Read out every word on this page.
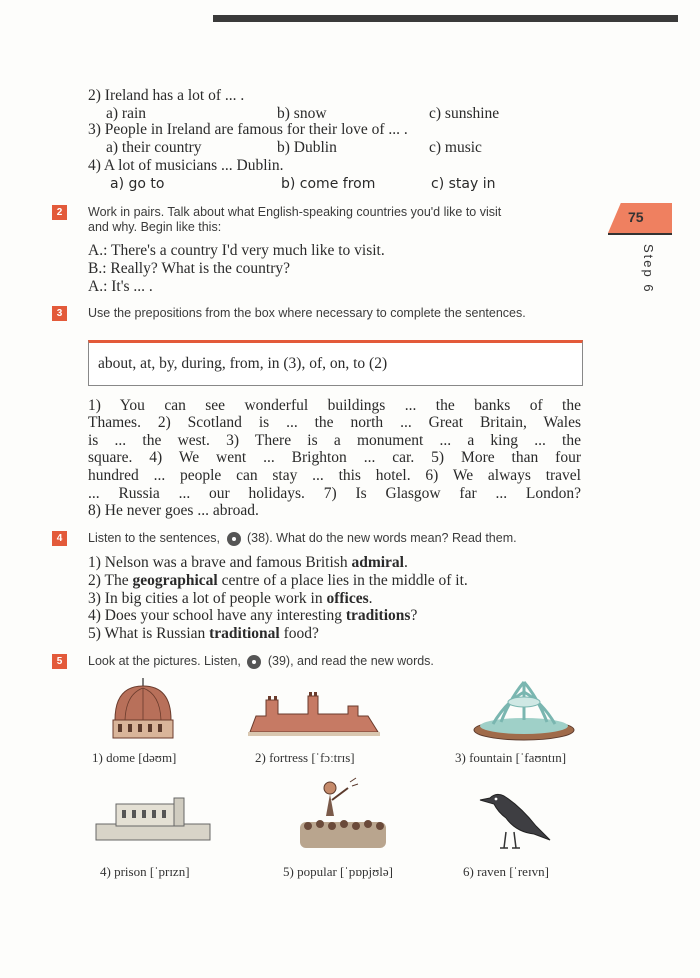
75
Step 6
2) Ireland has a lot of ... .
a) rain	b) snow	c) sunshine
3) People in Ireland are famous for their love of ... .
a) their country	b) Dublin	c) music
4) A lot of musicians ... Dublin.
a) go to	b) come from	c) stay in
2	Work in pairs. Talk about what English-speaking countries you'd like to visit
and why. Begin like this:
A.: There's a country I'd very much like to visit.
B.: Really? What is the country?
A.: It's ... .
3	Use the prepositions from the box where necessary to complete the sentences.
about, at, by, during, from, in (3), of, on, to (2)
1) You can see wonderful buildings ... the banks of the
Thames. 2) Scotland is ... the north ... Great Britain, Wales
is ... the west. 3) There is a monument ... a king ... the
square. 4) We went ... Brighton ... car. 5) More than four
hundred ... people can stay ... this hotel. 6) We always travel
... Russia ... our holidays. 7) Is Glasgow far ... London?
8) He never goes ... abroad.
4	Listen to the sentences, (38). What do the new words mean? Read them.
1) Nelson was a brave and famous British admiral.
2) The geographical centre of a place lies in the middle of it.
3) In big cities a lot of people work in offices.
4) Does your school have any interesting traditions?
5) What is Russian traditional food?
5	Look at the pictures. Listen, (39), and read the new words.
1) dome [dəʊm]	2) fortress [ˈfɔːtrɪs]	3) fountain [ˈfaʊntɪn]
4) prison [ˈprɪzn]	5) popular [ˈpɒpjʊlə]	6) raven [ˈreɪvn]
